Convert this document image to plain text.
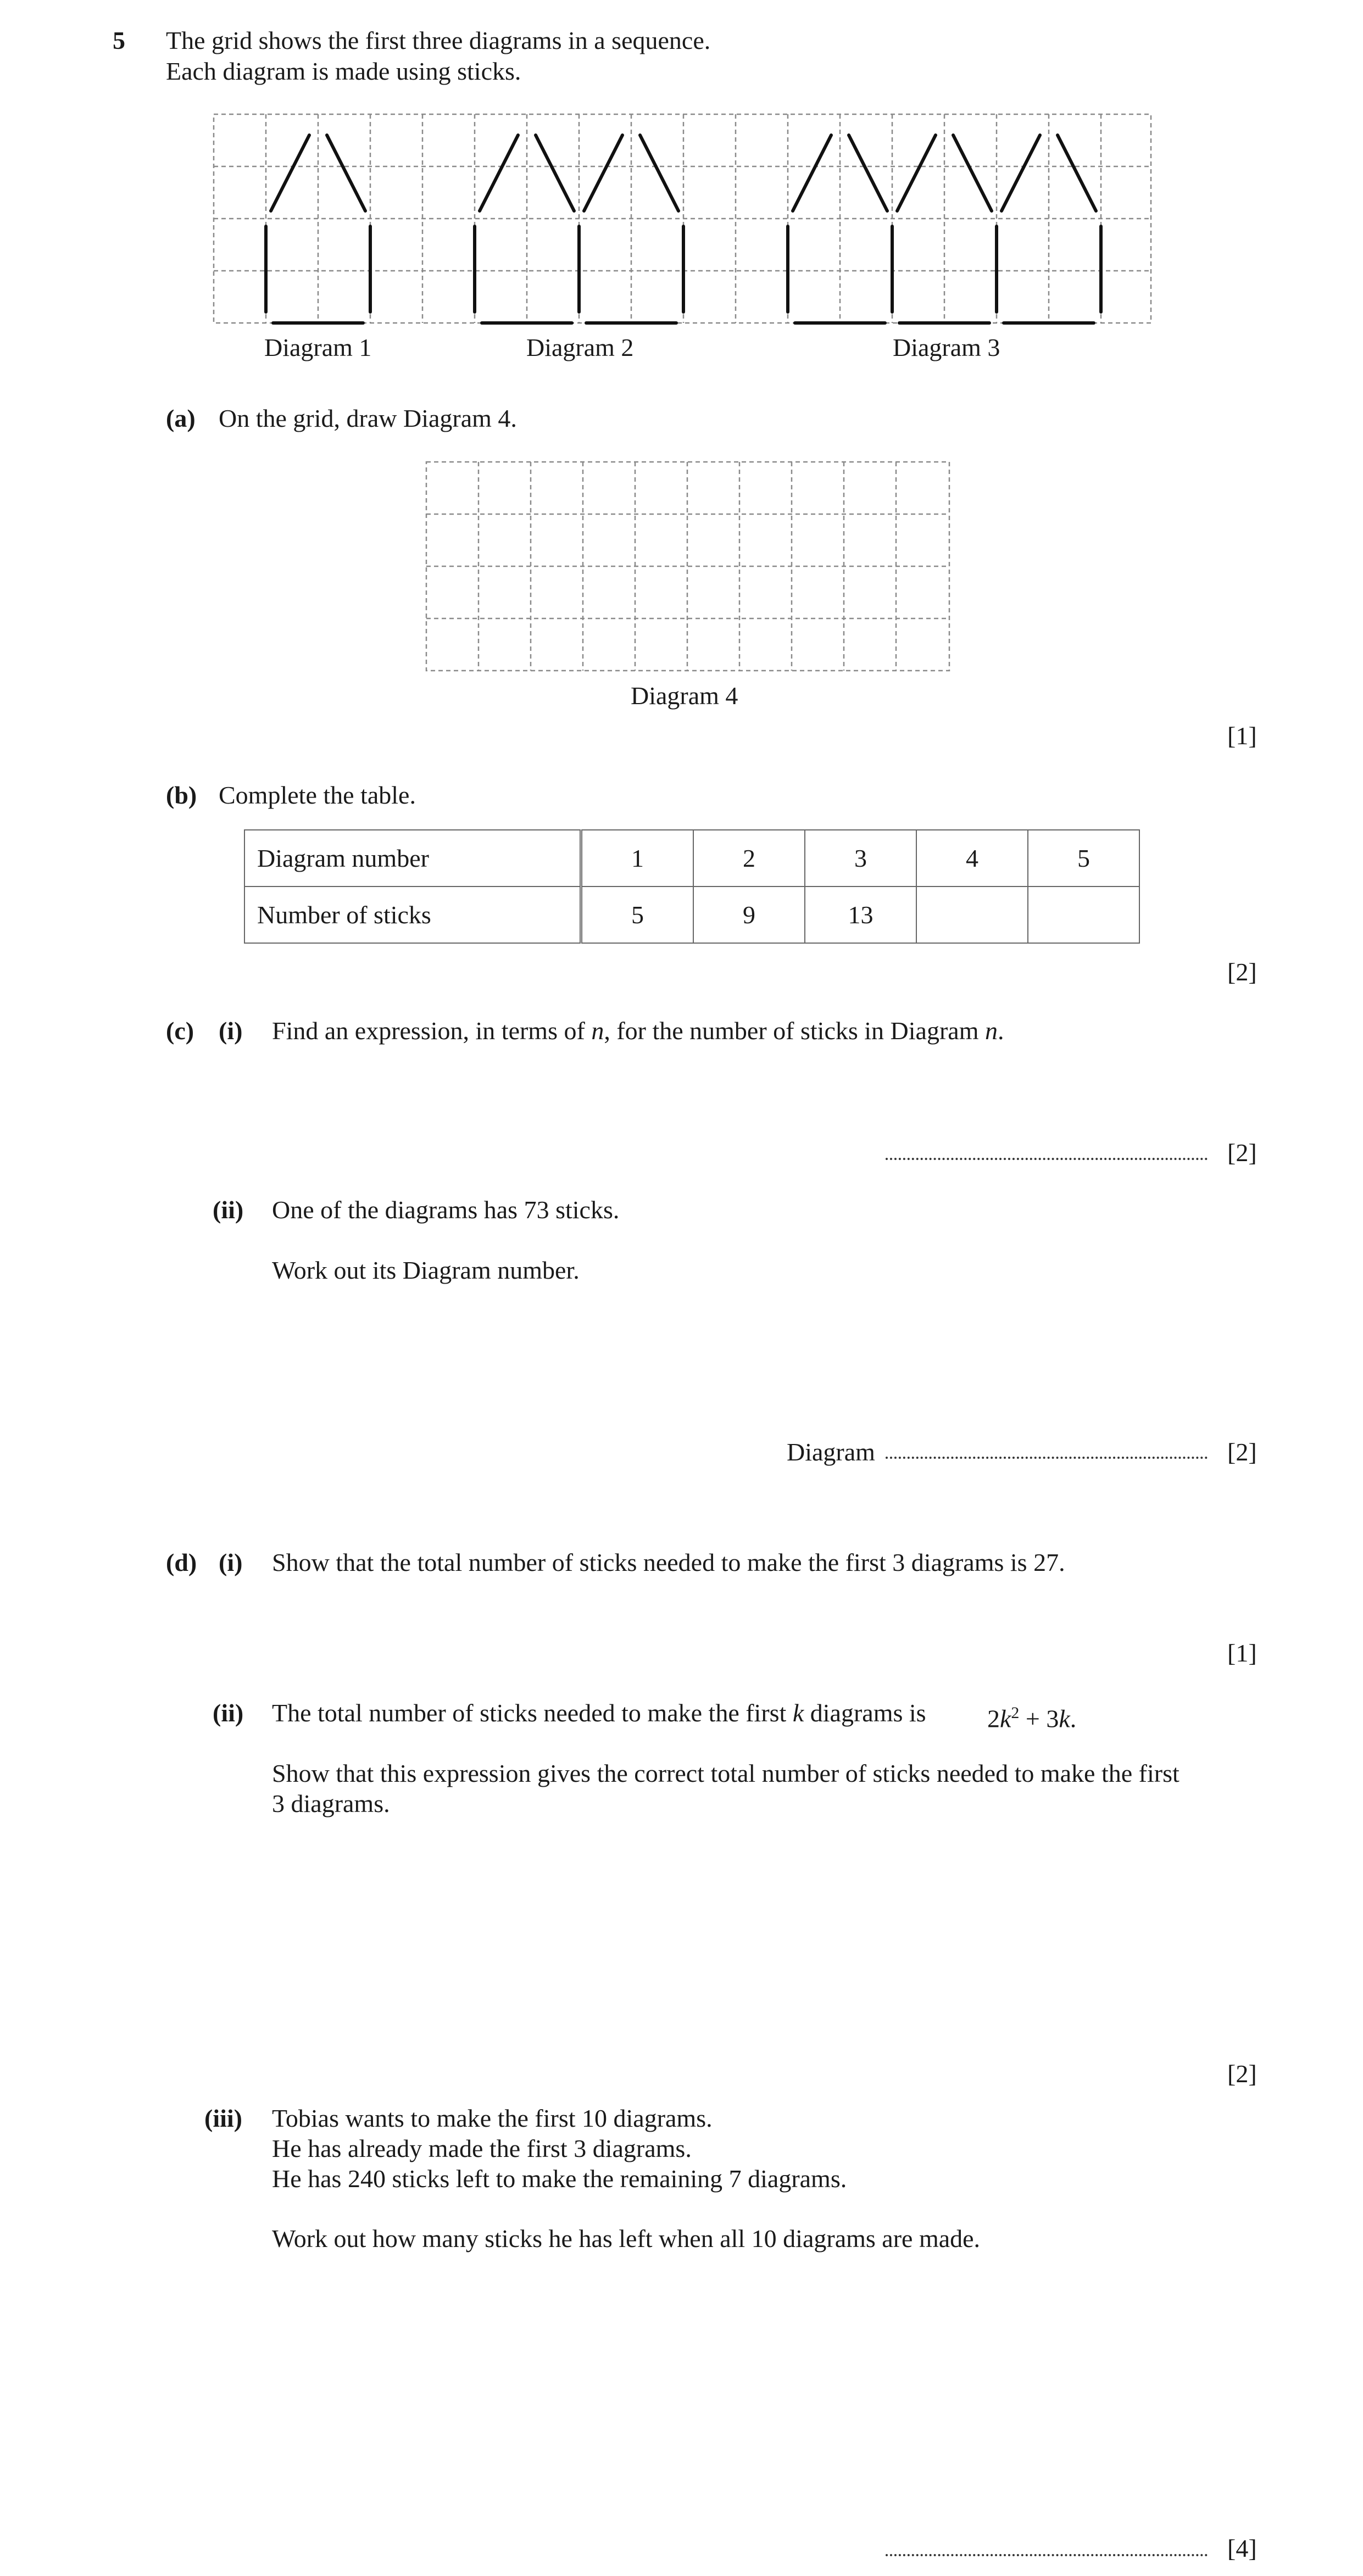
5 The grid shows the first three diagrams in a sequence.
Each diagram is made using sticks.
Diagram 1	Diagram 2	Diagram 3
(a) On the grid, draw Diagram 4.
Diagram 4
[1]
(b) Complete the table.
Diagram number	1	2	3	4	5
Number of sticks	5	9	13		
[2]
(c) (i) Find an expression, in terms of n, for the number of sticks in Diagram n.
[2]
(ii) One of the diagrams has 73 sticks.
Work out its Diagram number.
Diagram	[2]
(d) (i) Show that the total number of sticks needed to make the first 3 diagrams is 27.
[1]
(ii) The total number of sticks needed to make the first k diagrams is $2k^2 + 3k$.
Show that this expression gives the correct total number of sticks needed to make the first
3 diagrams.
[2]
(iii) Tobias wants to make the first 10 diagrams.
He has already made the first 3 diagrams.
He has 240 sticks left to make the remaining 7 diagrams.
Work out how many sticks he has left when all 10 diagrams are made.
[4]
